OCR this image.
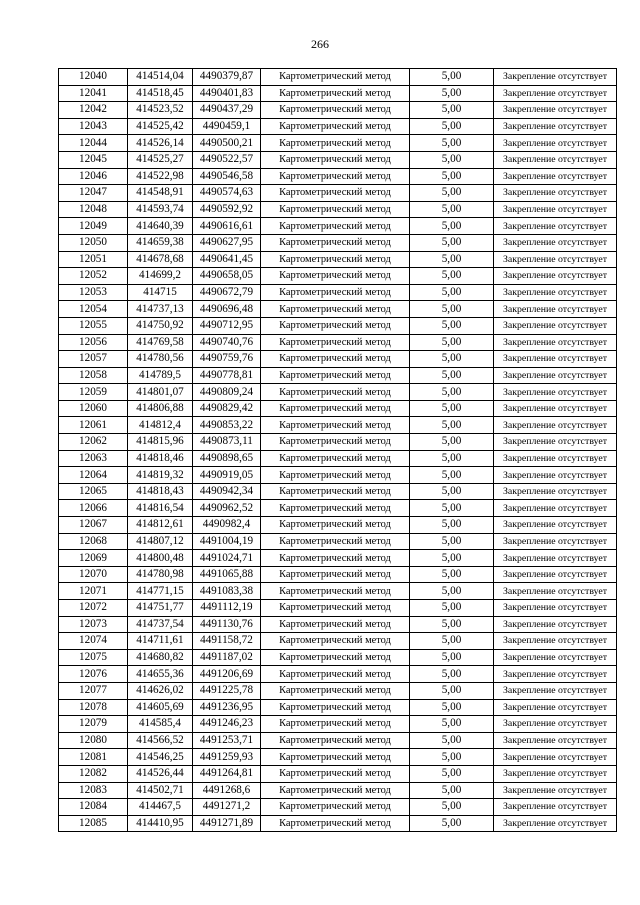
266
12040	414514,04	4490379,87	Картометрический метод	5,00	Закрепление отсутствует
12041	414518,45	4490401,83	Картометрический метод	5,00	Закрепление отсутствует
12042	414523,52	4490437,29	Картометрический метод	5,00	Закрепление отсутствует
12043	414525,42	4490459,1	Картометрический метод	5,00	Закрепление отсутствует
12044	414526,14	4490500,21	Картометрический метод	5,00	Закрепление отсутствует
12045	414525,27	4490522,57	Картометрический метод	5,00	Закрепление отсутствует
12046	414522,98	4490546,58	Картометрический метод	5,00	Закрепление отсутствует
12047	414548,91	4490574,63	Картометрический метод	5,00	Закрепление отсутствует
12048	414593,74	4490592,92	Картометрический метод	5,00	Закрепление отсутствует
12049	414640,39	4490616,61	Картометрический метод	5,00	Закрепление отсутствует
12050	414659,38	4490627,95	Картометрический метод	5,00	Закрепление отсутствует
12051	414678,68	4490641,45	Картометрический метод	5,00	Закрепление отсутствует
12052	414699,2	4490658,05	Картометрический метод	5,00	Закрепление отсутствует
12053	414715	4490672,79	Картометрический метод	5,00	Закрепление отсутствует
12054	414737,13	4490696,48	Картометрический метод	5,00	Закрепление отсутствует
12055	414750,92	4490712,95	Картометрический метод	5,00	Закрепление отсутствует
12056	414769,58	4490740,76	Картометрический метод	5,00	Закрепление отсутствует
12057	414780,56	4490759,76	Картометрический метод	5,00	Закрепление отсутствует
12058	414789,5	4490778,81	Картометрический метод	5,00	Закрепление отсутствует
12059	414801,07	4490809,24	Картометрический метод	5,00	Закрепление отсутствует
12060	414806,88	4490829,42	Картометрический метод	5,00	Закрепление отсутствует
12061	414812,4	4490853,22	Картометрический метод	5,00	Закрепление отсутствует
12062	414815,96	4490873,11	Картометрический метод	5,00	Закрепление отсутствует
12063	414818,46	4490898,65	Картометрический метод	5,00	Закрепление отсутствует
12064	414819,32	4490919,05	Картометрический метод	5,00	Закрепление отсутствует
12065	414818,43	4490942,34	Картометрический метод	5,00	Закрепление отсутствует
12066	414816,54	4490962,52	Картометрический метод	5,00	Закрепление отсутствует
12067	414812,61	4490982,4	Картометрический метод	5,00	Закрепление отсутствует
12068	414807,12	4491004,19	Картометрический метод	5,00	Закрепление отсутствует
12069	414800,48	4491024,71	Картометрический метод	5,00	Закрепление отсутствует
12070	414780,98	4491065,88	Картометрический метод	5,00	Закрепление отсутствует
12071	414771,15	4491083,38	Картометрический метод	5,00	Закрепление отсутствует
12072	414751,77	4491112,19	Картометрический метод	5,00	Закрепление отсутствует
12073	414737,54	4491130,76	Картометрический метод	5,00	Закрепление отсутствует
12074	414711,61	4491158,72	Картометрический метод	5,00	Закрепление отсутствует
12075	414680,82	4491187,02	Картометрический метод	5,00	Закрепление отсутствует
12076	414655,36	4491206,69	Картометрический метод	5,00	Закрепление отсутствует
12077	414626,02	4491225,78	Картометрический метод	5,00	Закрепление отсутствует
12078	414605,69	4491236,95	Картометрический метод	5,00	Закрепление отсутствует
12079	414585,4	4491246,23	Картометрический метод	5,00	Закрепление отсутствует
12080	414566,52	4491253,71	Картометрический метод	5,00	Закрепление отсутствует
12081	414546,25	4491259,93	Картометрический метод	5,00	Закрепление отсутствует
12082	414526,44	4491264,81	Картометрический метод	5,00	Закрепление отсутствует
12083	414502,71	4491268,6	Картометрический метод	5,00	Закрепление отсутствует
12084	414467,5	4491271,2	Картометрический метод	5,00	Закрепление отсутствует
12085	414410,95	4491271,89	Картометрический метод	5,00	Закрепление отсутствует
